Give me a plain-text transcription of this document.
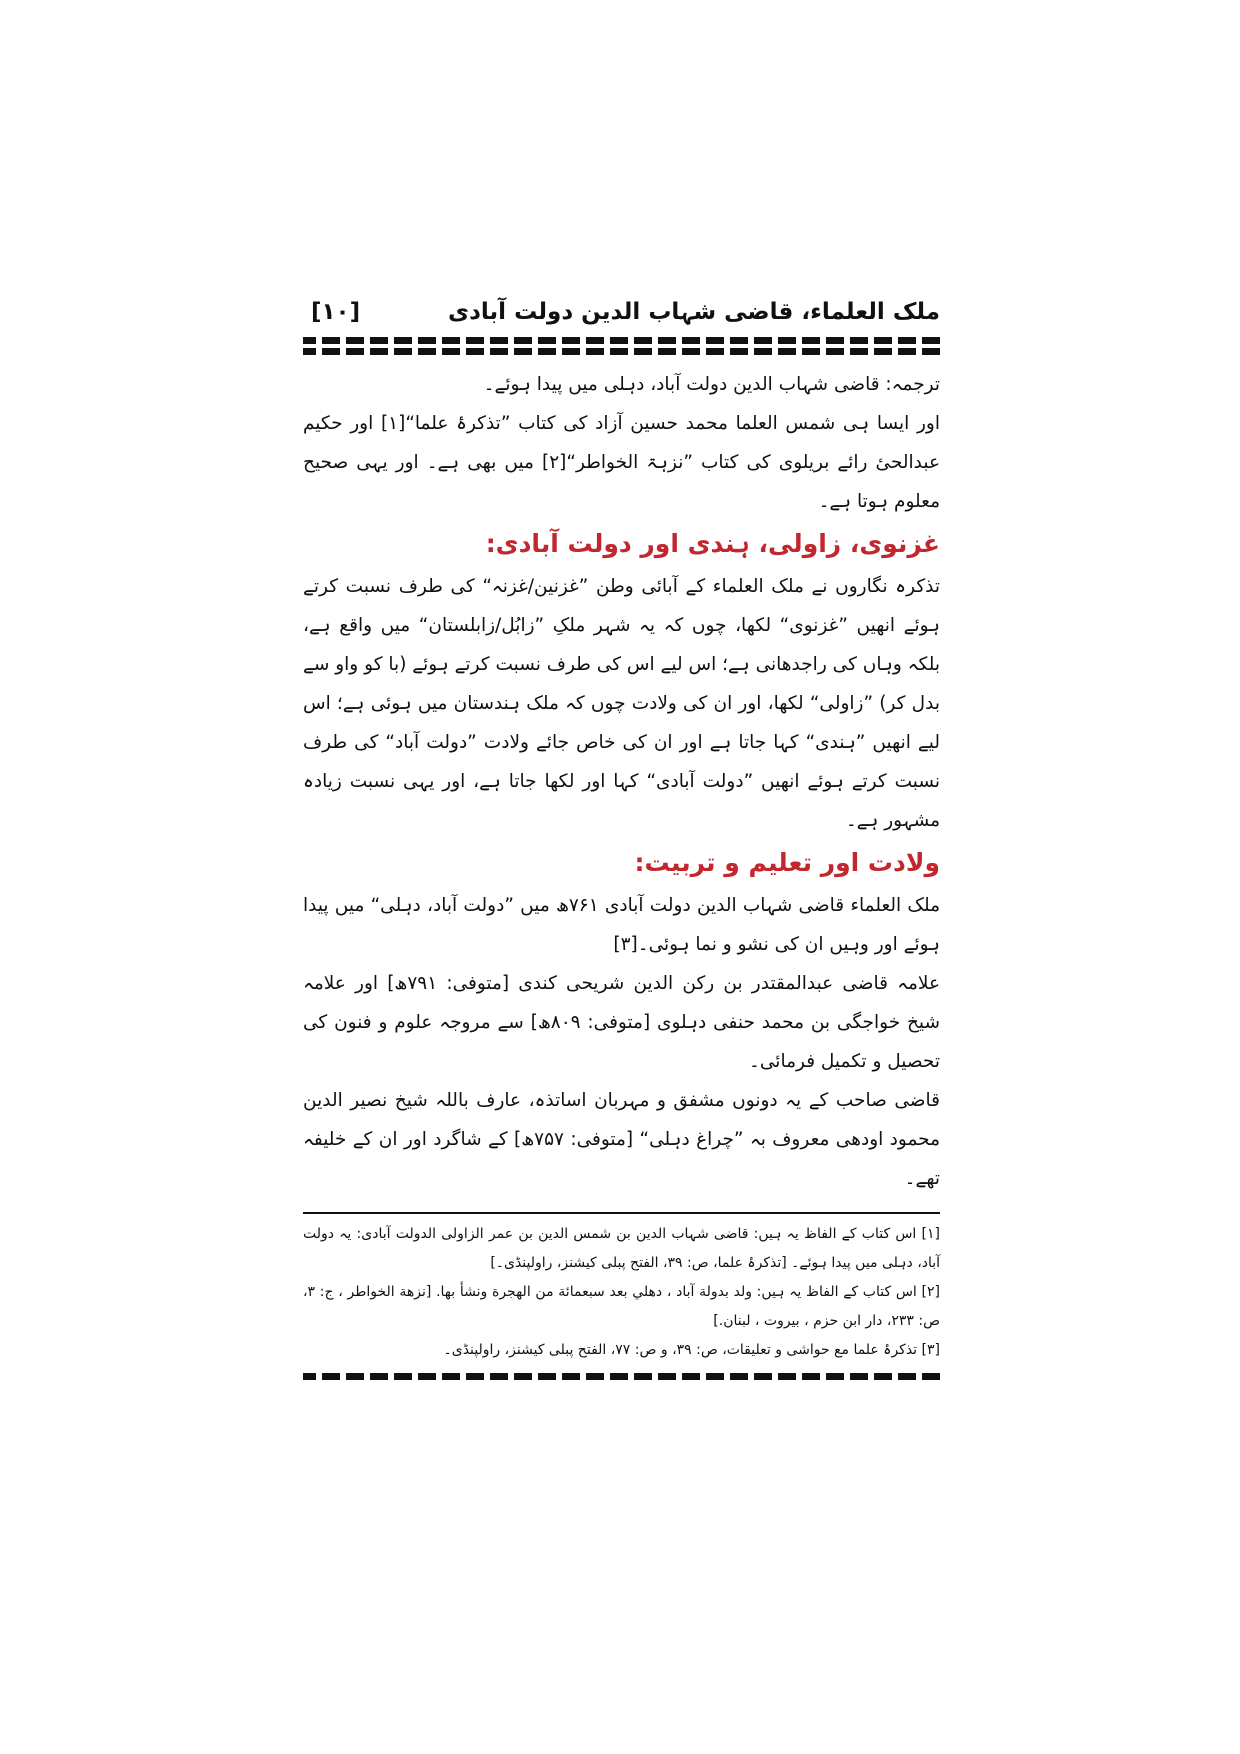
ملک العلماء، قاضی شہاب الدین دولت آبادی
[۱۰]

ترجمہ: قاضی شہاب الدین دولت آباد، دہلی میں پیدا ہوئے۔

اور ایسا ہی شمس العلما محمد حسین آزاد کی کتاب ”تذکرۂ علما“[۱] اور حکیم عبدالحیٔ رائے بریلوی کی کتاب ”نزہۃ الخواطر“[۲] میں بھی ہے۔ اور یہی صحیح معلوم ہوتا ہے۔

غزنوی، زاولی، ہندی اور دولت آبادی:

تذکرہ نگاروں نے ملک العلماء کے آبائی وطن ”غزنین/غزنہ“ کی طرف نسبت کرتے ہوئے انھیں ”غزنوی“ لکھا، چوں کہ یہ شہر ملکِ ”زابُل/زابلستان“ میں واقع ہے، بلکہ وہاں کی راجدھانی ہے؛ اس لیے اس کی طرف نسبت کرتے ہوئے (با کو واو سے بدل کر) ”زاولی“ لکھا، اور ان کی ولادت چوں کہ ملک ہندستان میں ہوئی ہے؛ اس لیے انھیں ”ہندی“ کہا جاتا ہے اور ان کی خاص جائے ولادت ”دولت آباد“ کی طرف نسبت کرتے ہوئے انھیں ”دولت آبادی“ کہا اور لکھا جاتا ہے، اور یہی نسبت زیادہ مشہور ہے۔

ولادت اور تعلیم و تربیت:

ملک العلماء قاضی شہاب الدین دولت آبادی ۷۶۱ھ میں ”دولت آباد، دہلی“ میں پیدا ہوئے اور وہیں ان کی نشو و نما ہوئی۔[۳]

علامہ قاضی عبدالمقتدر بن رکن الدین شریحی کندی [متوفی: ۷۹۱ھ] اور علامہ شیخ خواجگی بن محمد حنفی دہلوی [متوفی: ۸۰۹ھ] سے مروجہ علوم و فنون کی تحصیل و تکمیل فرمائی۔

قاضی صاحب کے یہ دونوں مشفق و مہربان اساتذہ، عارف باللہ شیخ نصیر الدین محمود اودھی معروف بہ ”چراغ دہلی“ [متوفی: ۷۵۷ھ] کے شاگرد اور ان کے خلیفہ تھے۔

[۱] اس کتاب کے الفاظ یہ ہیں: قاضی شہاب الدین بن شمس الدین بن عمر الزاولی الدولت آبادی: یہ دولت آباد، دہلی میں پیدا ہوئے۔ [تذکرۂ علما، ص: ۳۹، الفتح پبلی کیشنز، راولپنڈی۔]

[۲] اس کتاب کے الفاظ یہ ہیں: ولد بدولة آباد ، دهلي بعد سبعمائة من الهجرة ونشأ بها. [نزهة الخواطر ، ج: ۳، ص: ۲۳۳، دار ابن حزم ، بیروت ، لبنان.]

[۳] تذکرۂ علما مع حواشی و تعلیقات، ص: ۳۹، و ص: ۷۷، الفتح پبلی کیشنز، راولپنڈی۔
